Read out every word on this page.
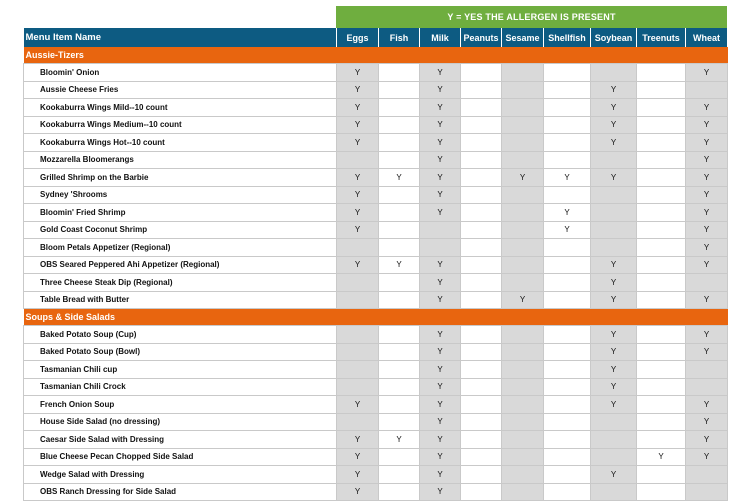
Y = YES THE ALLERGEN IS PRESENT
Menu Item Name	Eggs	Fish	Milk	Peanuts	Sesame	Shellfish	Soybean	Treenuts	Wheat
Aussie-Tizers									
Bloomin' Onion	Y		Y						Y
Aussie Cheese Fries	Y		Y				Y		
Kookaburra Wings Mild--10 count	Y		Y				Y		Y
Kookaburra Wings Medium--10 count	Y		Y				Y		Y
Kookaburra Wings Hot--10 count	Y		Y				Y		Y
Mozzarella Bloomerangs			Y						Y
Grilled Shrimp on the Barbie	Y	Y	Y		Y	Y	Y		Y
Sydney 'Shrooms	Y		Y						Y
Bloomin' Fried Shrimp	Y		Y			Y			Y
Gold Coast Coconut Shrimp	Y					Y			Y
Bloom Petals Appetizer (Regional)									Y
OBS Seared Peppered Ahi Appetizer (Regional)	Y	Y	Y				Y		Y
Three Cheese Steak Dip (Regional)			Y				Y		
Table Bread with Butter			Y		Y		Y		Y
Soups & Side Salads									
Baked Potato Soup (Cup)			Y				Y		Y
Baked Potato Soup (Bowl)			Y				Y		Y
Tasmanian Chili cup			Y				Y		
Tasmanian Chili Crock			Y				Y		
French Onion Soup	Y		Y				Y		Y
House Side Salad (no dressing)			Y						Y
Caesar Side Salad with Dressing	Y	Y	Y						Y
Blue Cheese Pecan Chopped Side Salad	Y		Y					Y	Y
Wedge Salad with Dressing	Y		Y				Y		
OBS Ranch Dressing for Side Salad	Y		Y						
